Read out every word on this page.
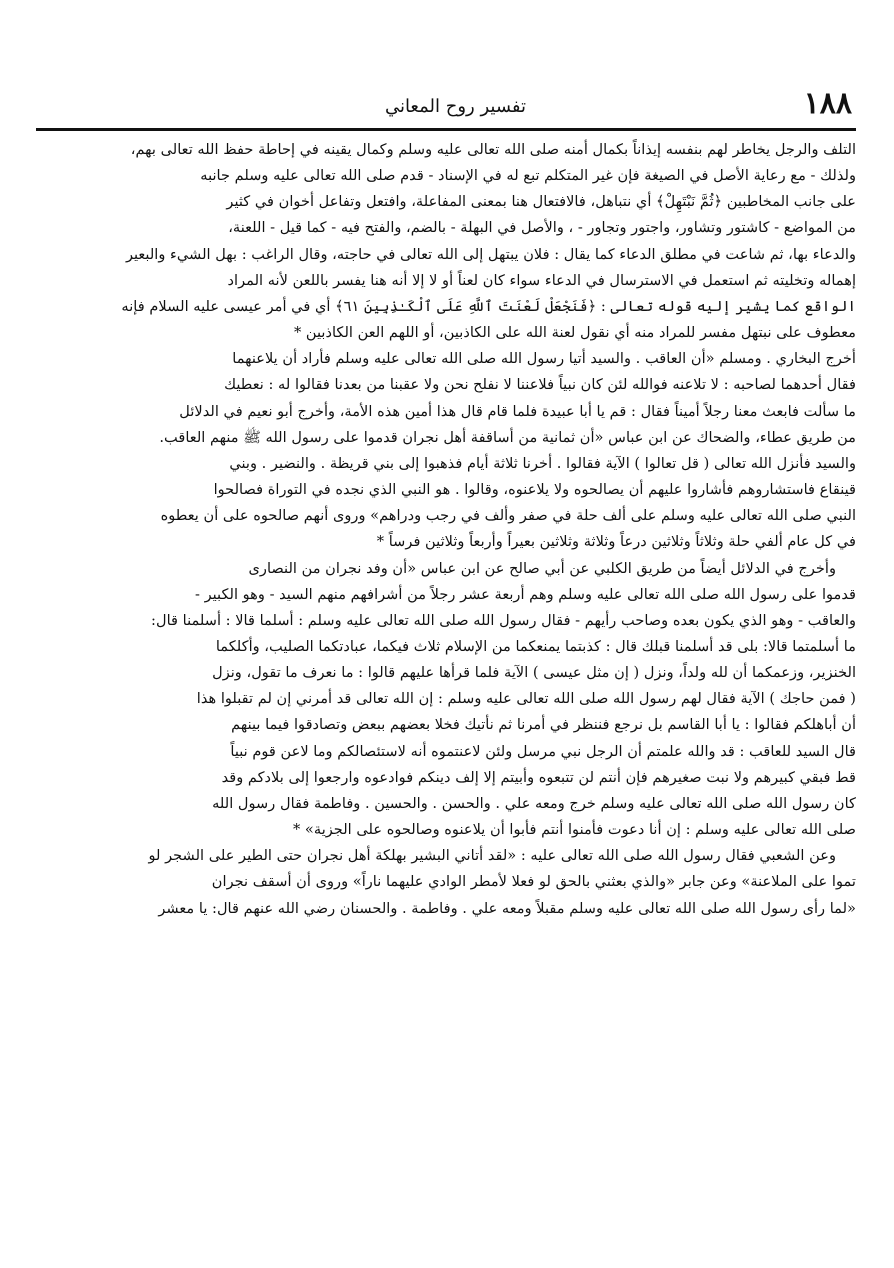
١٨٨
تفسير روح المعاني

التلف والرجل يخاطر لهم بنفسه إيذاناً بكمال أمنه صلى الله تعالى عليه وسلم وكمال يقينه في إحاطة حفظ الله تعالى بهم،
ولذلك - مع رعاية الأصل في الصيغة فإن غير المتكلم تبع له في الإسناد - قدم صلى الله تعالى عليه وسلم جانبه
على جانب المخاطبين ﴿ثُمَّ نَبْتَهِلْ﴾ أي نتباهل، فالافتعال هنا بمعنى المفاعلة، وافتعل وتفاعل أخوان في كثير
من المواضع - كاشتور وتشاور، واجتور وتجاور - ، والأصل في البهلة - بالضم، والفتح فيه - كما قيل - اللعنة،
والدعاء بها، ثم شاعت في مطلق الدعاء كما يقال : فلان يبتهل إلى الله تعالى في حاجته، وقال الراغب : بهل الشيء والبعير
إهماله وتخليته ثم استعمل في الاسترسال في الدعاء سواء كان لعناً أو لا إلا أنه هنا يفسر باللعن لأنه المراد
الواقع كما يشير إليه قوله تعالى : ﴿فَنَجْعَلْ لَعْنَتَ ٱللَّهِ عَلَى ٱلْكَـٰذِبِينَ ٦١﴾ أي في أمر عيسى عليه السلام فإنه
معطوف على نبتهل مفسر للمراد منه أي نقول لعنة الله على الكاذبين، أو اللهم العن الكاذبين *

أخرج البخاري . ومسلم «أن العاقب . والسيد أتيا رسول الله صلى الله تعالى عليه وسلم فأراد أن يلاعنهما
فقال أحدهما لصاحبه : لا تلاعنه فوالله لئن كان نبياً فلاعننا لا نفلح نحن ولا عقبنا من بعدنا فقالوا له : نعطيك
ما سألت فابعث معنا رجلاً أميناً فقال : قم يا أبا عبيدة فلما قام قال هذا أمين هذه الأمة، وأخرج أبو نعيم في الدلائل
من طريق عطاء، والضحاك عن ابن عباس «أن ثمانية من أساقفة أهل نجران قدموا على رسول الله ﷺ منهم العاقب.
والسيد فأنزل الله تعالى ( قل تعالوا ) الآية فقالوا . أخرنا ثلاثة أيام فذهبوا إلى بني قريظة . والنضير . وبني
قينقاع فاستشاروهم فأشاروا عليهم أن يصالحوه ولا يلاعنوه، وقالوا . هو النبي الذي نجده في التوراة فصالحوا
النبي صلى الله تعالى عليه وسلم على ألف حلة في صفر وألف في رجب ودراهم» وروى أنهم صالحوه على أن يعطوه
في كل عام ألفي حلة وثلاثاً وثلاثين درعاً وثلاثة وثلاثين بعيراً وأربعاً وثلاثين فرساً *

وأخرج في الدلائل أيضاً من طريق الكلبي عن أبي صالح عن ابن عباس «أن وفد نجران من النصارى
قدموا على رسول الله صلى الله تعالى عليه وسلم وهم أربعة عشر رجلاً من أشرافهم منهم السيد - وهو الكبير -
والعاقب - وهو الذي يكون بعده وصاحب رأيهم - فقال رسول الله صلى الله تعالى عليه وسلم : أسلما قالا : أسلمنا قال:
ما أسلمتما قالا: بلى قد أسلمنا قبلك قال : كذبتما يمنعكما من الإسلام ثلاث فيكما، عبادتكما الصليب، وأكلكما
الخنزير، وزعمكما أن لله ولداً، ونزل ( إن مثل عيسى ) الآية فلما قرأها عليهم قالوا : ما نعرف ما تقول، ونزل
( فمن حاجك ) الآية فقال لهم رسول الله صلى الله تعالى عليه وسلم : إن الله تعالى قد أمرني إن لم تقبلوا هذا
أن أباهلكم فقالوا : يا أبا القاسم بل نرجع فننظر في أمرنا ثم نأتيك فخلا بعضهم ببعض وتصادقوا فيما بينهم
قال السيد للعاقب : قد والله علمتم أن الرجل نبي مرسل ولئن لاعنتموه أنه لاستئصالكم وما لاعن قوم نبياً
قط فبقي كبيرهم ولا نبت صغيرهم فإن أنتم لن تتبعوه وأبيتم إلا إلف دينكم فوادعوه وارجعوا إلى بلادكم وقد
كان رسول الله صلى الله تعالى عليه وسلم خرج ومعه علي . والحسن . والحسين . وفاطمة فقال رسول الله
صلى الله تعالى عليه وسلم : إن أنا دعوت فأمنوا أنتم فأبوا أن يلاعنوه وصالحوه على الجزية» *

وعن الشعبي فقال رسول الله صلى الله تعالى عليه : «لقد أتاني البشير بهلكة أهل نجران حتى الطير على الشجر لو
تموا على الملاعنة» وعن جابر «والذي بعثني بالحق لو فعلا لأمطر الوادي عليهما ناراً» وروى أن أسقف نجران
«لما رأى رسول الله صلى الله تعالى عليه وسلم مقبلاً ومعه علي . وفاطمة . والحسنان رضي الله عنهم قال: يا معشر
